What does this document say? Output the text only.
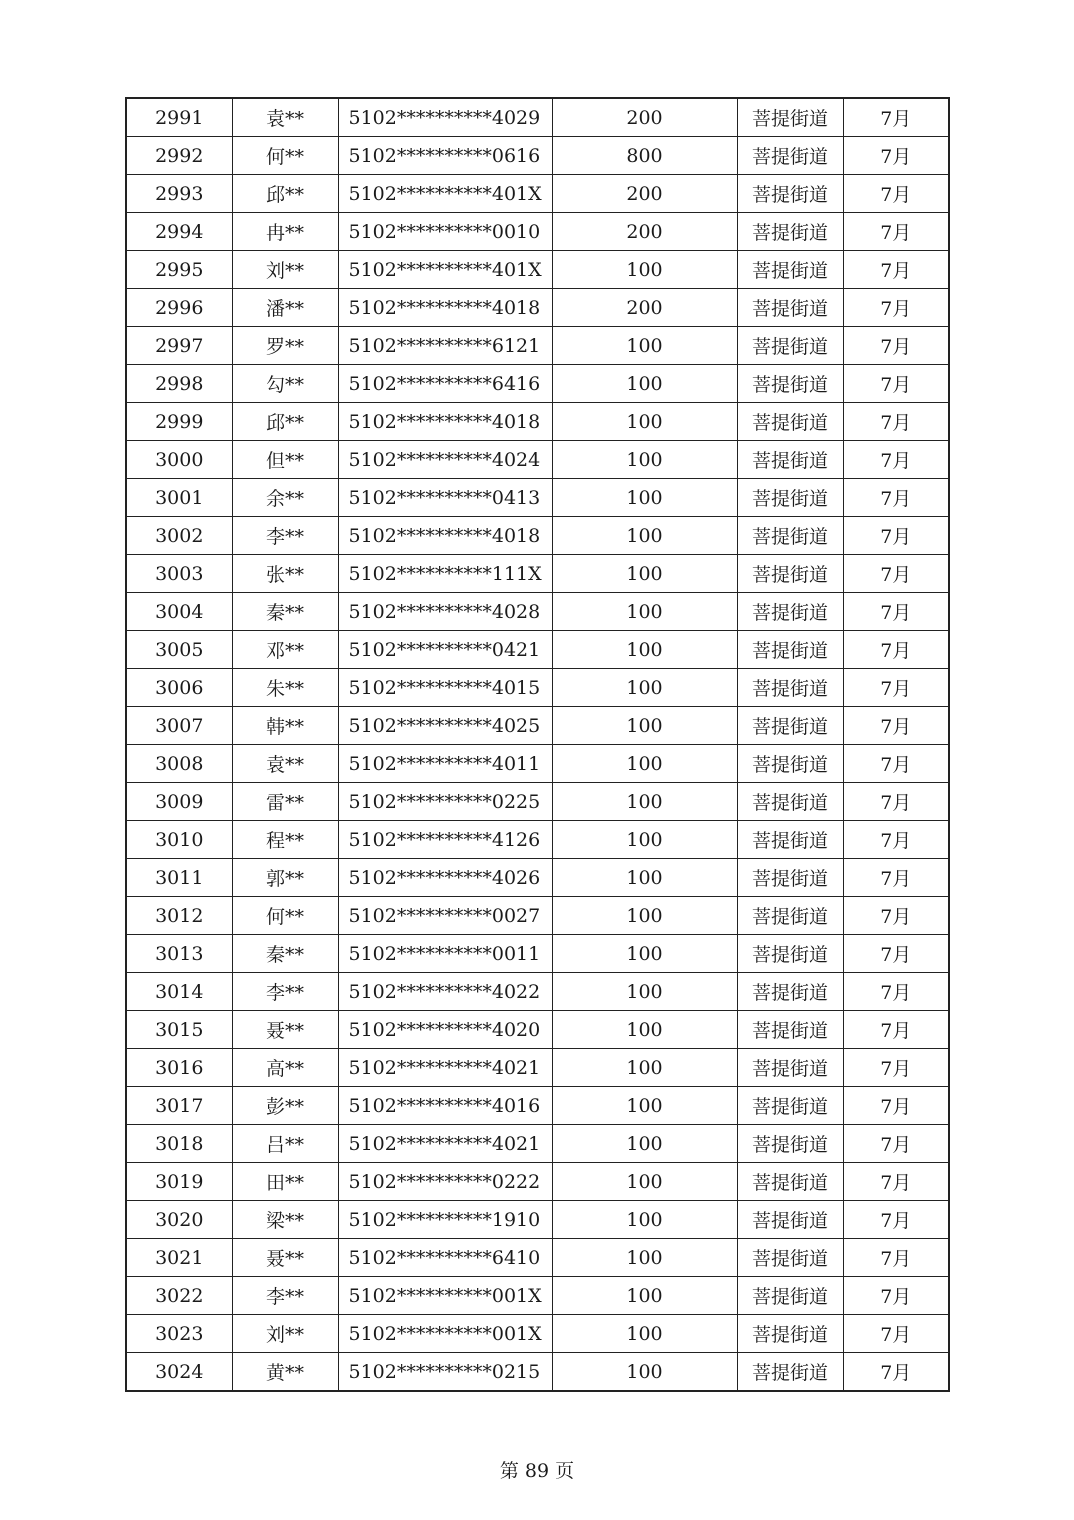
2991	袁**	5102**********4029	200	菩提街道	7月
2992	何**	5102**********0616	800	菩提街道	7月
2993	邱**	5102**********401X	200	菩提街道	7月
2994	冉**	5102**********0010	200	菩提街道	7月
2995	刘**	5102**********401X	100	菩提街道	7月
2996	潘**	5102**********4018	200	菩提街道	7月
2997	罗**	5102**********6121	100	菩提街道	7月
2998	勾**	5102**********6416	100	菩提街道	7月
2999	邱**	5102**********4018	100	菩提街道	7月
3000	但**	5102**********4024	100	菩提街道	7月
3001	余**	5102**********0413	100	菩提街道	7月
3002	李**	5102**********4018	100	菩提街道	7月
3003	张**	5102**********111X	100	菩提街道	7月
3004	秦**	5102**********4028	100	菩提街道	7月
3005	邓**	5102**********0421	100	菩提街道	7月
3006	朱**	5102**********4015	100	菩提街道	7月
3007	韩**	5102**********4025	100	菩提街道	7月
3008	袁**	5102**********4011	100	菩提街道	7月
3009	雷**	5102**********0225	100	菩提街道	7月
3010	程**	5102**********4126	100	菩提街道	7月
3011	郭**	5102**********4026	100	菩提街道	7月
3012	何**	5102**********0027	100	菩提街道	7月
3013	秦**	5102**********0011	100	菩提街道	7月
3014	李**	5102**********4022	100	菩提街道	7月
3015	聂**	5102**********4020	100	菩提街道	7月
3016	高**	5102**********4021	100	菩提街道	7月
3017	彭**	5102**********4016	100	菩提街道	7月
3018	吕**	5102**********4021	100	菩提街道	7月
3019	田**	5102**********0222	100	菩提街道	7月
3020	梁**	5102**********1910	100	菩提街道	7月
3021	聂**	5102**********6410	100	菩提街道	7月
3022	李**	5102**********001X	100	菩提街道	7月
3023	刘**	5102**********001X	100	菩提街道	7月
3024	黄**	5102**********0215	100	菩提街道	7月
第 89 页
